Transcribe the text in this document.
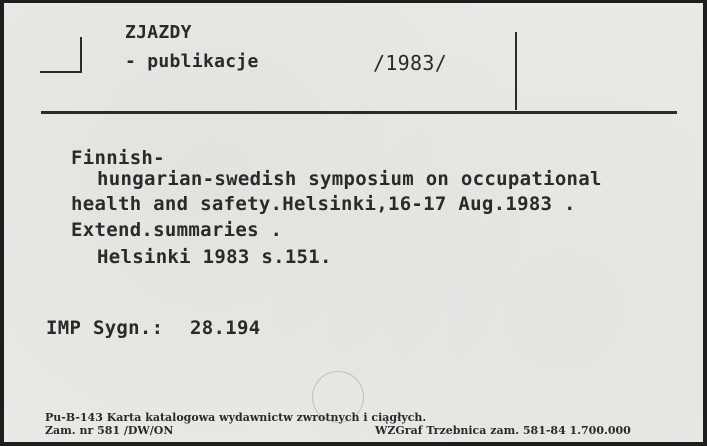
ZJAZDY
- publikacje	/1983/
Finnish-
hungarian-swedish symposium on occupational
health and safety.Helsinki,16-17 Aug.1983 .
Extend.summaries .
Helsinki 1983 s.151.
IMP Sygn.: 28.194
Pu-B-143 Karta katalogowa wydawnictw zwrotnych i ciągłych.
Zam. nr 581 /DW/ON	WZGraf Trzebnica zam. 581-84 1.700.000
